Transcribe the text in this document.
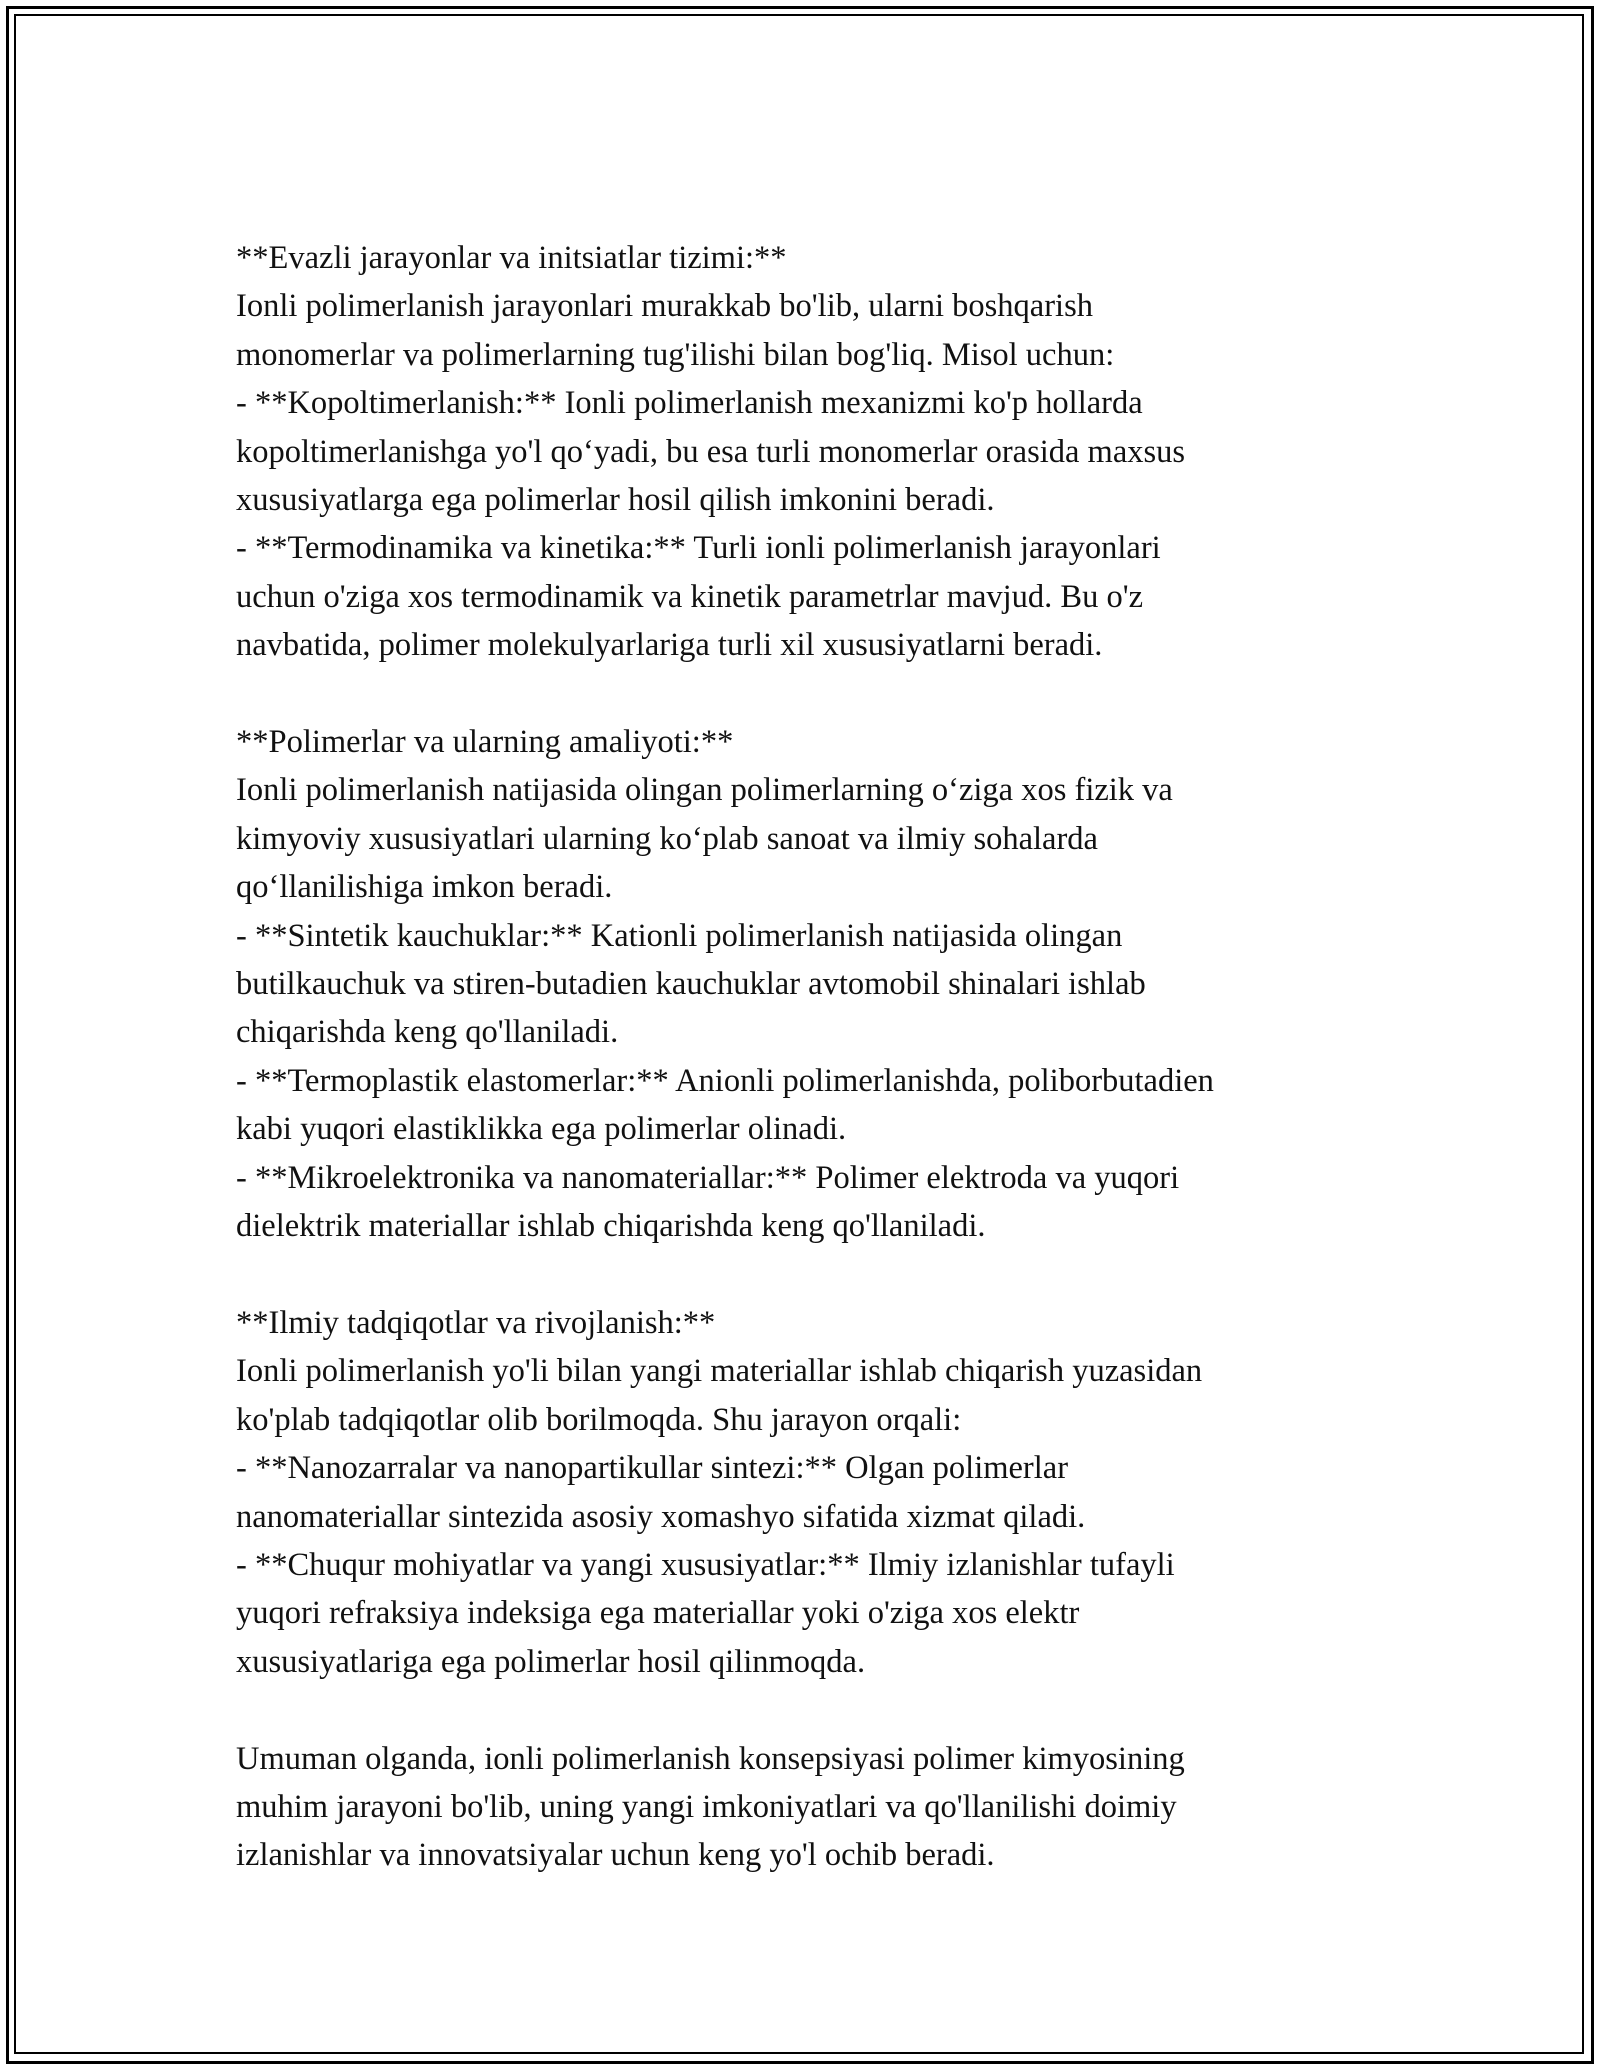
**Evazli jarayonlar va initsiatlar tizimi:**

Ionli polimerlanish jarayonlari murakkab bo'lib, ularni boshqarish

monomerlar va polimerlarning tug'ilishi bilan bog'liq. Misol uchun:

- **Kopoltimerlanish:** Ionli polimerlanish mexanizmi ko'p hollarda

kopoltimerlanishga yo'l qo‘yadi, bu esa turli monomerlar orasida maxsus

xususiyatlarga ega polimerlar hosil qilish imkonini beradi.

- **Termodinamika va kinetika:** Turli ionli polimerlanish jarayonlari

uchun o'ziga xos termodinamik va kinetik parametrlar mavjud. Bu o'z

navbatida, polimer molekulyarlariga turli xil xususiyatlarni beradi.

**Polimerlar va ularning amaliyoti:**

Ionli polimerlanish natijasida olingan polimerlarning o‘ziga xos fizik va

kimyoviy xususiyatlari ularning ko‘plab sanoat va ilmiy sohalarda

qo‘llanilishiga imkon beradi.

- **Sintetik kauchuklar:** Kationli polimerlanish natijasida olingan

butilkauchuk va stiren-butadien kauchuklar avtomobil shinalari ishlab

chiqarishda keng qo'llaniladi.

- **Termoplastik elastomerlar:** Anionli polimerlanishda, poliborbutadien

kabi yuqori elastiklikka ega polimerlar olinadi.

- **Mikroelektronika va nanomateriallar:** Polimer elektroda va yuqori

dielektrik materiallar ishlab chiqarishda keng qo'llaniladi.

**Ilmiy tadqiqotlar va rivojlanish:**

Ionli polimerlanish yo'li bilan yangi materiallar ishlab chiqarish yuzasidan

ko'plab tadqiqotlar olib borilmoqda. Shu jarayon orqali:

- **Nanozarralar va nanopartikullar sintezi:** Olgan polimerlar

nanomateriallar sintezida asosiy xomashyo sifatida xizmat qiladi.

- **Chuqur mohiyatlar va yangi xususiyatlar:** Ilmiy izlanishlar tufayli

yuqori refraksiya indeksiga ega materiallar yoki o'ziga xos elektr

xususiyatlariga ega polimerlar hosil qilinmoqda.

Umuman olganda, ionli polimerlanish konsepsiyasi polimer kimyosining

muhim jarayoni bo'lib, uning yangi imkoniyatlari va qo'llanilishi doimiy

izlanishlar va innovatsiyalar uchun keng yo'l ochib beradi.
